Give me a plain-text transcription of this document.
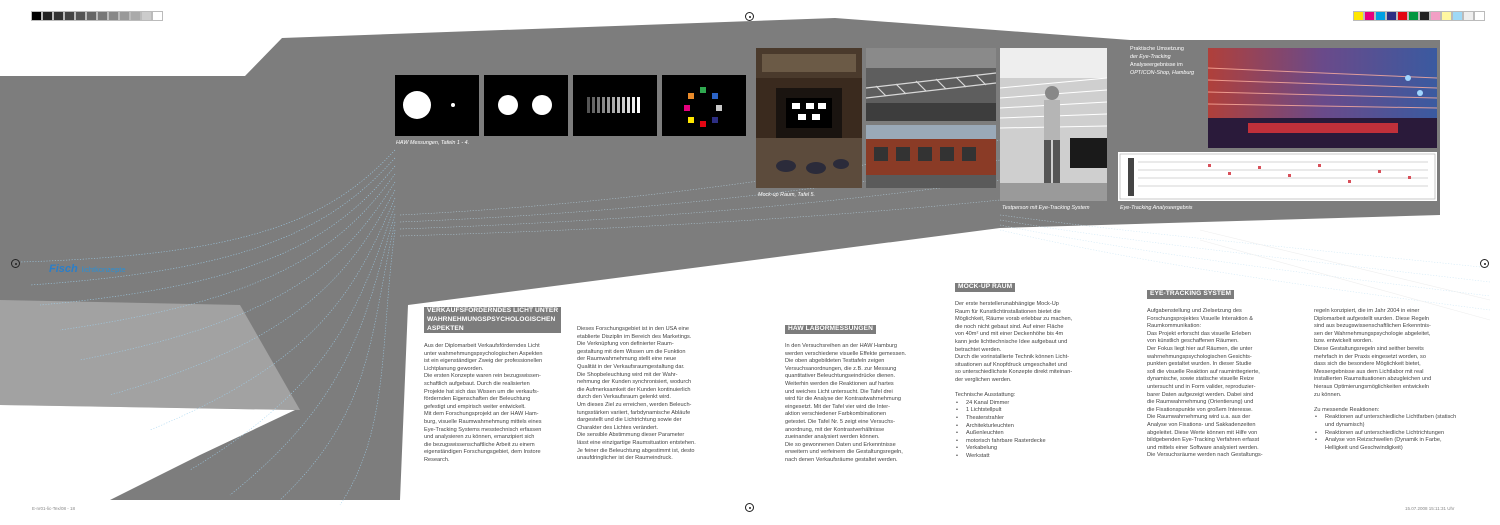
HAW Messungen, Tafeln 1 - 4.
Mock-up Raum, Tafel 5.
Testperson mit Eye-Tracking System
Praktische Umsetzung
der Eye-Tracking
Analyseergebnisse im
OPTICON-Shop, Hamburg
Eye-Tracking Analyseergebnis
Fisch lichtkonzepte
VERKAUFSFÖRDERNDES LICHT UNTER
WAHRNEHMUNGSPSYCHOLOGISCHEN
ASPEKTEN

Aus der Diplomarbeit Verkaufsförderndes Licht

unter wahrnehmungspsychologischen Aspekten

ist ein eigenständiger Zweig der professionellen

Lichtplanung geworden.

Die ersten Konzepte waren rein bezugswissen-

schaftlich aufgebaut. Durch die realisierten

Projekte hat sich das Wissen um die verkaufs-

fördernden Eigenschaften der Beleuchtung

gefestigt und empirisch weiter entwickelt.

Mit dem Forschungsprojekt an der HAW Ham-

burg, visuelle Raumwahrnehmung mittels eines

Eye-Tracking Systems messtechnisch erfassen

und analysieren zu können, emanzipiert sich

die bezugswissenschaftliche Arbeit zu einem

eigenständigen Forschungsgebiet, dem Instore

Research.

Dieses Forschungsgebiet ist in den USA eine

etablierte Disziplin im Bereich des Marketings.

Die Verknüpfung von definierter Raum-

gestaltung mit dem Wissen um die Funktion

der Raumwahrnehmung stellt eine neue

Qualität in der Verkaufsraumgestaltung dar.

Die Shopbeleuchtung wird mit der Wahr-

nehmung der Kunden synchronisiert, wodurch

die Aufmerksamkeit der Kunden kontinuierlich

durch den Verkaufsraum gelenkt wird.

Um dieses Ziel zu erreichen, werden Beleuch-

tungsstärken variiert, farbdynamische Abläufe

dargestellt und die Lichtrichtung sowie der

Charakter des Lichtes verändert.

Die sensible Abstimmung dieser Parameter

lässt eine einzigartige Raumsituation entstehen.

Je feiner die Beleuchtung abgestimmt ist, desto

unaufdringlicher ist der Raumeindruck.

HAW LABORMESSUNGEN

In den Versuchsreihen an der HAW Hamburg

werden verschiedene visuelle Effekte gemessen.

Die oben abgebildeten Testtafeln zeigen

Versuchsanordnungen, die z.B. zur Messung

quantitativer Beleuchtungseindrücke dienen.

Weiterhin werden die Reaktionen auf hartes

und weiches Licht untersucht. Die Tafel drei

wird für die Analyse der Kontrastwahrnehmung

eingesetzt. Mit der Tafel vier wird die Inter-

aktion verschiedener Farbkombinationen

getestet. Die Tafel Nr. 5 zeigt eine Versuchs-

anordnung, mit der Kontrastverhältnisse

zueinander analysiert werden können.

Die so gewonnenen Daten und Erkenntnisse

erweitern und verfeinern die Gestaltungsregeln,

nach denen Verkaufsräume gestaltet werden.

MOCK-UP RAUM

Der erste herstellerunabhängige Mock-Up

Raum für Kunstlichtinstallationen bietet die

Möglichkeit, Räume vorab erlebbar zu machen,

die noch nicht gebaut sind. Auf einer Fläche

von 40m² und mit einer Deckenhöhe bis 4m

kann jede lichttechnische Idee aufgebaut und

betrachtet werden.

Durch die vorinstallierte Technik können Licht-

situationen auf Knopfdruck umgeschaltet und

so unterschiedlichste Konzepte direkt miteinan-

der verglichen werden.

Technische Ausstattung:

• 24 Kanal Dimmer
• 1 Lichtstellpult
• Theaterstrahler
• Architekturleuchten
• Außenleuchten
• motorisch fahrbare Rasterdecke
• Verkabelung
• Werkstatt
EYE-TRACKING SYSTEM

Aufgabenstellung und Zielsetzung des

Forschungsprojektes Visuelle Interaktion &

Raumkommunikation:

Das Projekt erforscht das visuelle Erleben

von künstlich geschaffenen Räumen.

Der Fokus liegt hier auf Räumen, die unter

wahrnehmungspsychologischen Gesichts-

punkten gestaltet wurden. In dieser Studie

soll die visuelle Reaktion auf rauminttegrierte,

dynamische, sowie statische visuelle Reize

untersucht und in Form valider, reproduzier-

barer Daten aufgezeigt werden. Dabei sind

die Raumwahrnehmung (Orientierung) und

die Fixationspunkte von großem Interesse.

Die Raumwahrnehmung wird u.a. aus der

Analyse von Fixations- und Sakkadenzeiten

abgeleitet. Diese Werte können mit Hilfe von

bildgebenden Eye-Tracking Verfahren erfasst

und mittels einer Software analysiert werden.

Die Versuchsräume werden nach Gestaltungs-

regeln konzipiert, die im Jahr 2004 in einer

Diplomarbeit aufgestellt wurden. Diese Regeln

sind aus bezugswissenschaftlichen Erkenntnis-

sen der Wahrnehmungspsychologie abgeleitet,

bzw. entwickelt worden.

Diese Gestaltungsregeln sind seither bereits

mehrfach in der Praxis eingesetzt worden, so

dass sich die besondere Möglichkeit bietet,

Messergebnisse aus dem Lichtlabor mit real

installierten Raumsituationen abzugleichen und

hieraus Optimierungsmöglichkeiten entwickeln

zu können.

Zu messende Reaktionen:

• Reaktionen auf unterschiedliche Lichtfarben (statisch und dynamisch)
• Reaktionen auf unterschiedliche Lichtrichtungen
• Analyse von Reizschwellen (Dynamik in Farbe, Helligkeit und Geschwindigkeit)
E-nr01-lic-Tex/08 - 18	15.07.2008 15:11:31 Uhr
